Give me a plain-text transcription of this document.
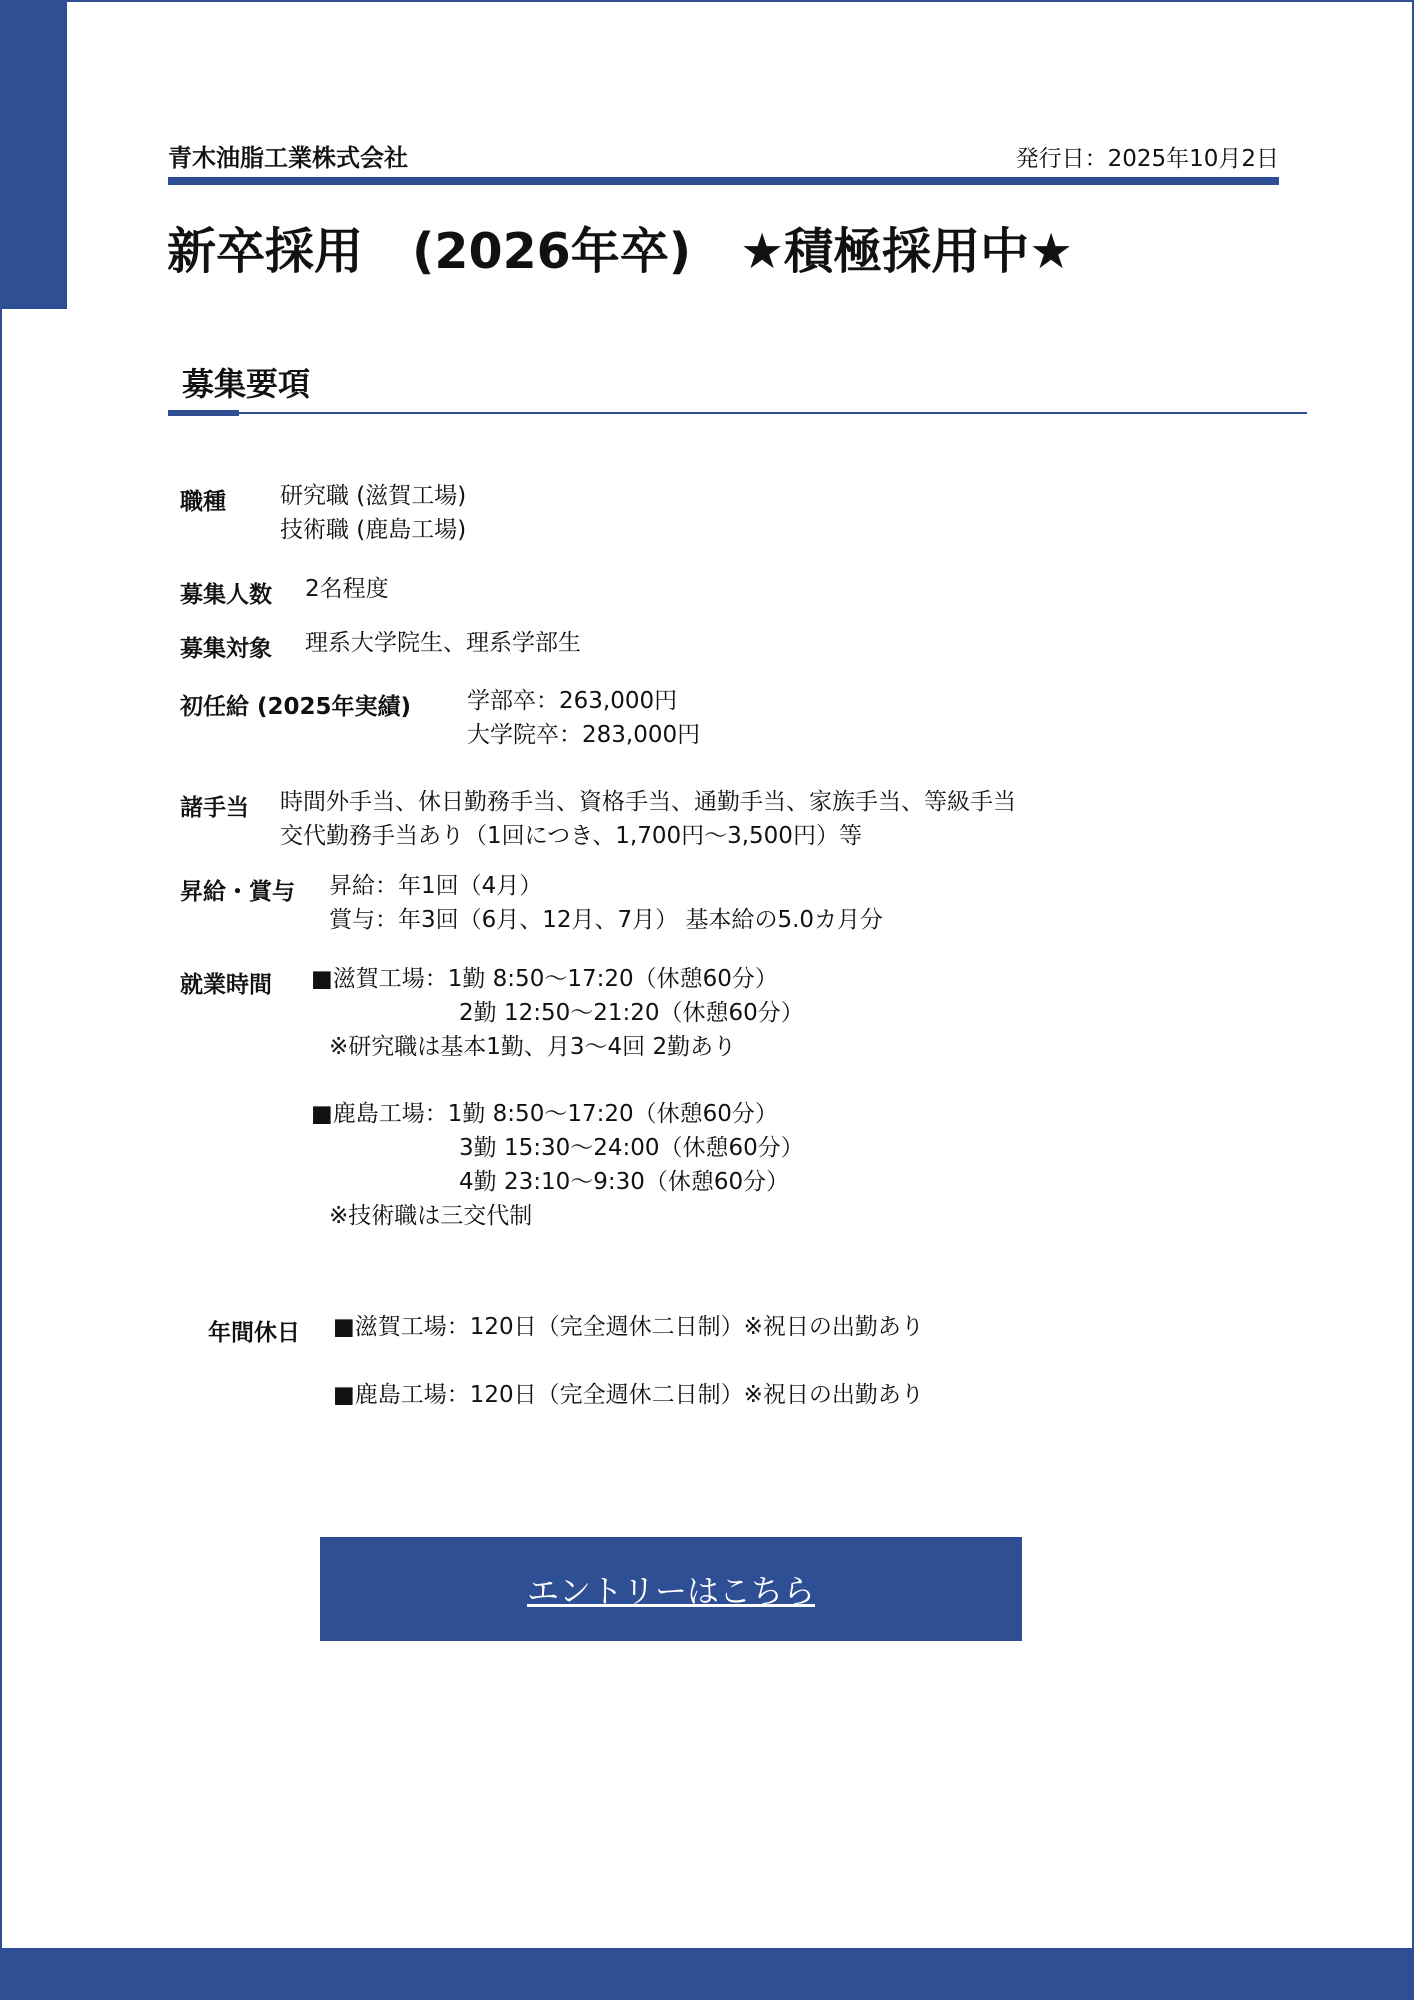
青木油脂工業株式会社	発行日：2025年10月2日
新卒採用　(2026年卒)　★積極採用中★
募集要項
職種 研究職 (滋賀工場)
技術職 (鹿島工場)
募集人数 2名程度
募集対象 理系大学院生、理系学部生
初任給 (2025年実績) 学部卒：263,000円
大学院卒：283,000円
諸手当 時間外手当、休日勤務手当、資格手当、通勤手当、家族手当、等級手当
交代勤務手当あり（1回につき、1,700円～3,500円）等
昇給・賞与 昇給：年1回（4月）
賞与：年3回（6月、12月、7月） 基本給の5.0カ月分
就業時間 ■滋賀工場：1勤 8:50～17:20（休憩60分）
2勤 12:50～21:20（休憩60分）
※研究職は基本1勤、月3～4回 2勤あり
■鹿島工場：1勤 8:50～17:20（休憩60分）
3勤 15:30～24:00（休憩60分）
4勤 23:10～9:30（休憩60分）
※技術職は三交代制
年間休日 ■滋賀工場：120日（完全週休二日制）※祝日の出勤あり
■鹿島工場：120日（完全週休二日制）※祝日の出勤あり
エントリーはこちら
